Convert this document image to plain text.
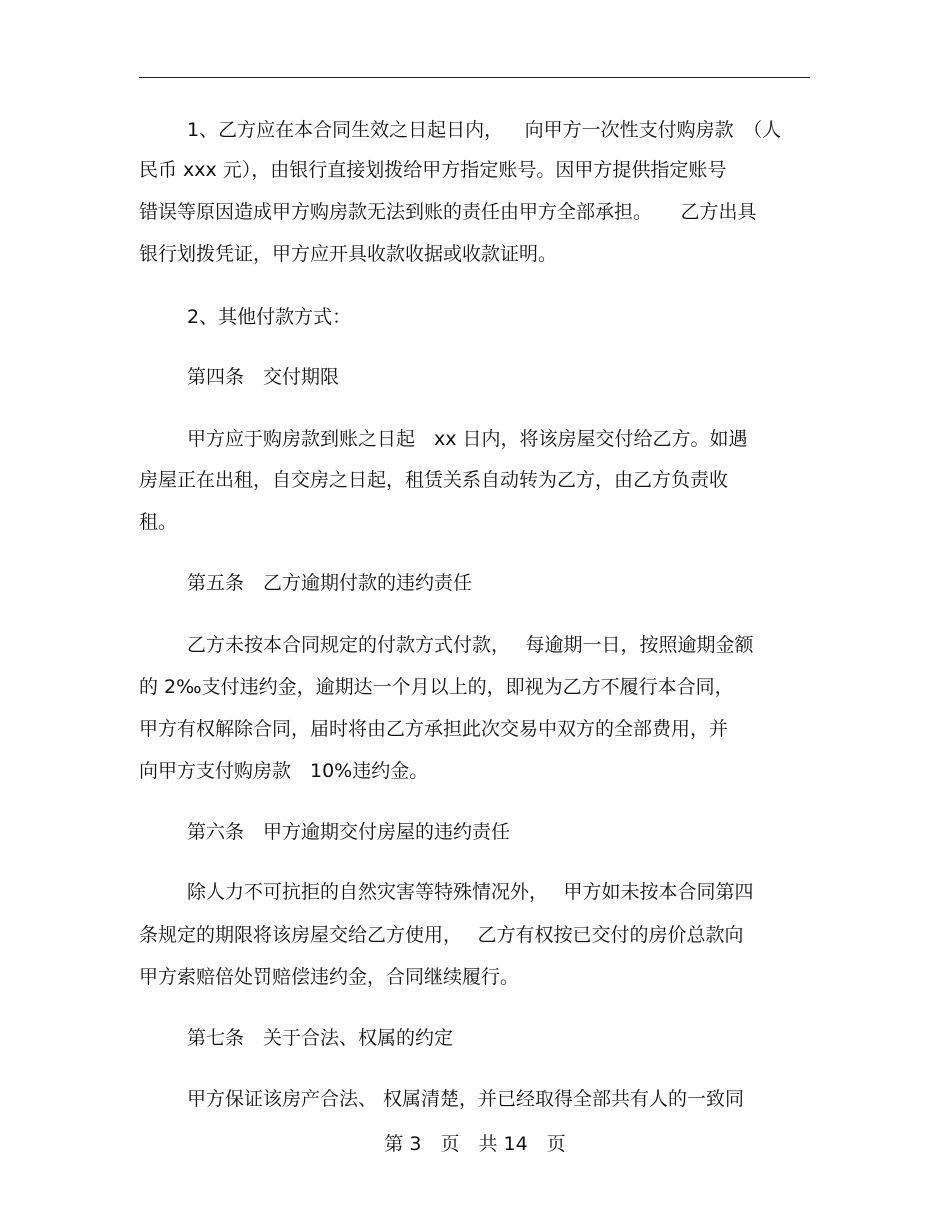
1、乙方应在本合同生效之日起日内，　  向甲方一次性支付购房款　（人
民币 xxx 元），由银行直接划拨给甲方指定账号。因甲方提供指定账号
错误等原因造成甲方购房款无法到账的责任由甲方全部承担。　　乙方出具
银行划拨凭证，甲方应开具收款收据或收款证明。
2、其他付款方式：
第四条　交付期限
甲方应于购房款到账之日起　xx 日内，将该房屋交付给乙方。如遇
房屋正在出租，自交房之日起，租赁关系自动转为乙方，由乙方负责收
租。
第五条　乙方逾期付款的违约责任
乙方未按本合同规定的付款方式付款，　 每逾期一日，按照逾期金额
的 2‰支付违约金，逾期达一个月以上的，即视为乙方不履行本合同，
甲方有权解除合同，届时将由乙方承担此次交易中双方的全部费用，并
向甲方支付购房款　10%违约金。
第六条　甲方逾期交付房屋的违约责任
除人力不可抗拒的自然灾害等特殊情况外，　 甲方如未按本合同第四
条规定的期限将该房屋交给乙方使用，　 乙方有权按已交付的房价总款向
甲方索赔倍处罚赔偿违约金，合同继续履行。
第七条　关于合法、权属的约定
甲方保证该房产合法、 权属清楚，并已经取得全部共有人的一致同
第 3　页　共 14　页
